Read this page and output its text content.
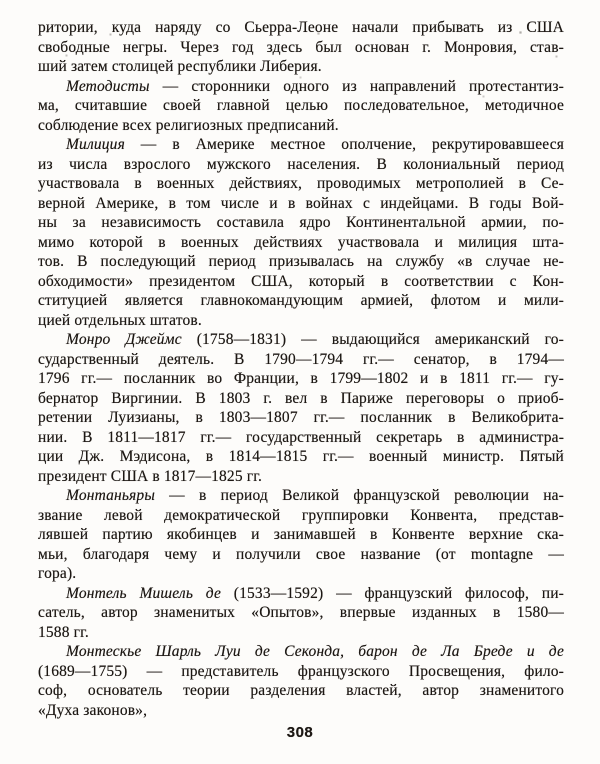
ритории, куда наряду со Сьерра-Леоне начали прибывать из США
свободные негры. Через год здесь был основан г. Монровия, став-
ший затем столицей республики Либерия.
Методисты — сторонники одного из направлений протестантиз-
ма, считавшие своей главной целью последовательное, методичное
соблюдение всех религиозных предписаний.
Милиция — в Америке местное ополчение, рекрутировавшееся
из числа взрослого мужского населения. В колониальный период
участвовала в военных действиях, проводимых метрополией в Се-
верной Америке, в том числе и в войнах с индейцами. В годы Вой-
ны за независимость составила ядро Континентальной армии, по-
мимо которой в военных действиях участвовала и милиция шта-
тов. В последующий период призывалась на службу «в случае не-
обходимости» президентом США, который в соответствии с Кон-
ституцией является главнокомандующим армией, флотом и мили-
цией отдельных штатов.
Монро Джеймс (1758—1831) — выдающийся американский го-
сударственный деятель. В 1790—1794 гг.— сенатор, в 1794—
1796 гг.— посланник во Франции, в 1799—1802 и в 1811 гг.— гу-
бернатор Виргинии. В 1803 г. вел в Париже переговоры о приоб-
ретении Луизианы, в 1803—1807 гг.— посланник в Великобрита-
нии. В 1811—1817 гг.— государственный секретарь в администра-
ции Дж. Мэдисона, в 1814—1815 гг.— военный министр. Пятый
президент США в 1817—1825 гг.
Монтаньяры — в период Великой французской революции на-
звание левой демократической группировки Конвента, представ-
лявшей партию якобинцев и занимавшей в Конвенте верхние ска-
мьи, благодаря чему и получили свое название (от montagne —
гора).
Монтель Мишель де (1533—1592) — французский философ, пи-
сатель, автор знаменитых «Опытов», впервые изданных в 1580—
1588 гг.
Монтескье Шарль Луи де Секонда, барон де Ла Бреде и де
(1689—1755) — представитель французского Просвещения, фило-
соф, основатель теории разделения властей, автор знаменитого
«Духа законов»,
308
